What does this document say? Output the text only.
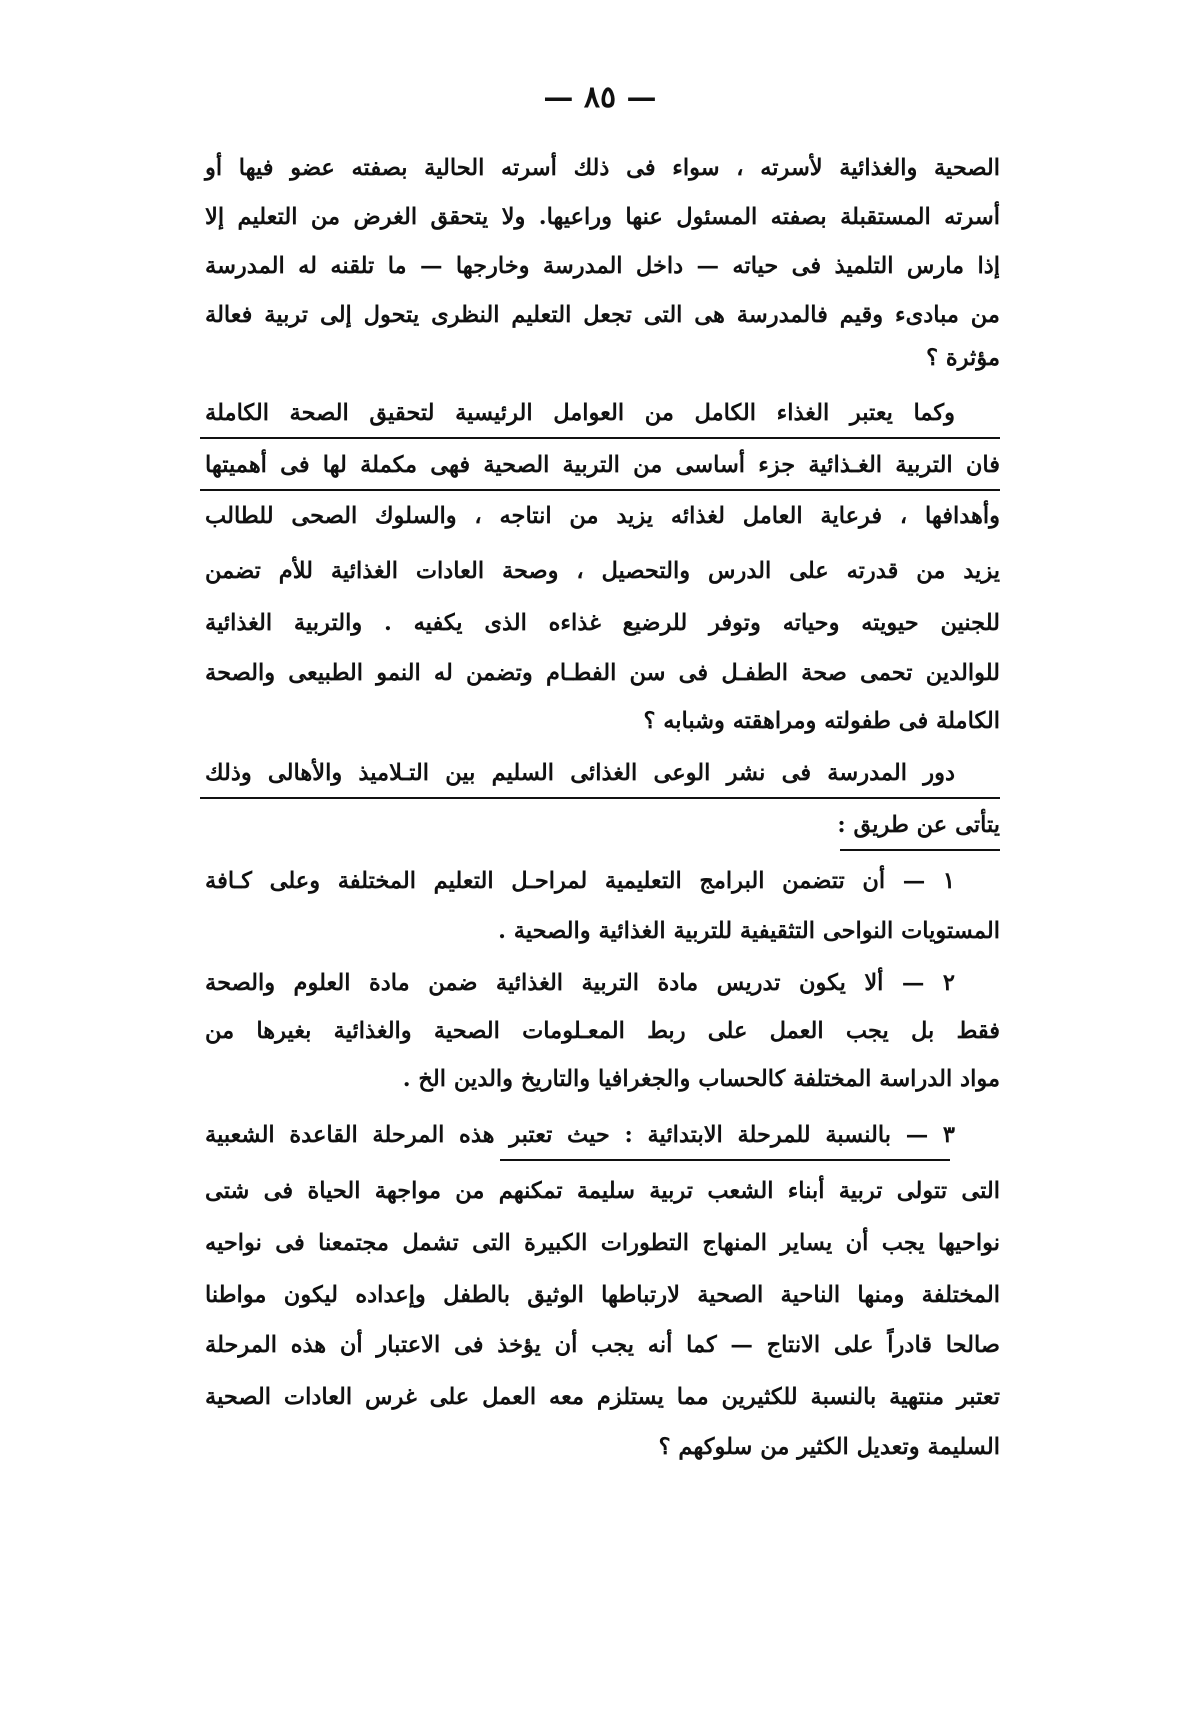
— ٨٥ —
الصحية والغذائية لأسرته ، سواء فى ذلك أسرته الحالية بصفته عضو فيها أو
أسرته المستقبلة بصفته المسئول عنها وراعيها. ولا يتحقق الغرض من التعليم إلا
إذا مارس التلميذ فى حياته — داخل المدرسة وخارجها — ما تلقنه له المدرسة
من مبادىء وقيم فالمدرسة هى التى تجعل التعليم النظرى يتحول إلى تربية فعالة
مؤثرة ؟
وكما يعتبر الغذاء الكامل من العوامل الرئيسية لتحقيق الصحة الكاملة
فان التربية الغـذائية جزء أساسى من التربية الصحية فهى مكملة لها فى أهميتها
وأهدافها ، فرعاية العامل لغذائه يزيد من انتاجه ، والسلوك الصحى للطالب
يزيد من قدرته على الدرس والتحصيل ، وصحة العادات الغذائية للأم تضمن
للجنين حيويته وحياته وتوفر للرضيع غذاءه الذى يكفيه . والتربية الغذائية
للوالدين تحمى صحة الطفـل فى سن الفطـام وتضمن له النمو الطبيعى والصحة
الكاملة فى طفولته ومراهقته وشبابه ؟
دور المدرسة فى نشر الوعى الغذائى السليم بين التـلاميذ والأهالى وذلك
يتأتى عن طريق :
١ — أن تتضمن البرامج التعليمية لمراحـل التعليم المختلفة وعلى كـافة
المستويات النواحى التثقيفية للتربية الغذائية والصحية .
٢ — ألا يكون تدريس مادة التربية الغذائية ضمن مادة العلوم والصحة
فقط بل يجب العمل على ربط المعـلومات الصحية والغذائية بغيرها من
مواد الدراسة المختلفة كالحساب والجغرافيا والتاريخ والدين الخ .
٣ — بالنسبة للمرحلة الابتدائية : حيث تعتبر هذه المرحلة القاعدة الشعبية
التى تتولى تربية أبناء الشعب تربية سليمة تمكنهم من مواجهة الحياة فى شتى
نواحيها يجب أن يساير المنهاج التطورات الكبيرة التى تشمل مجتمعنا فى نواحيه
المختلفة ومنها الناحية الصحية لارتباطها الوثيق بالطفل وإعداده ليكون مواطنا
صالحا قادراً على الانتاج — كما أنه يجب أن يؤخذ فى الاعتبار أن هذه المرحلة
تعتبر منتهية بالنسبة للكثيرين مما يستلزم معه العمل على غرس العادات الصحية
السليمة وتعديل الكثير من سلوكهم ؟
